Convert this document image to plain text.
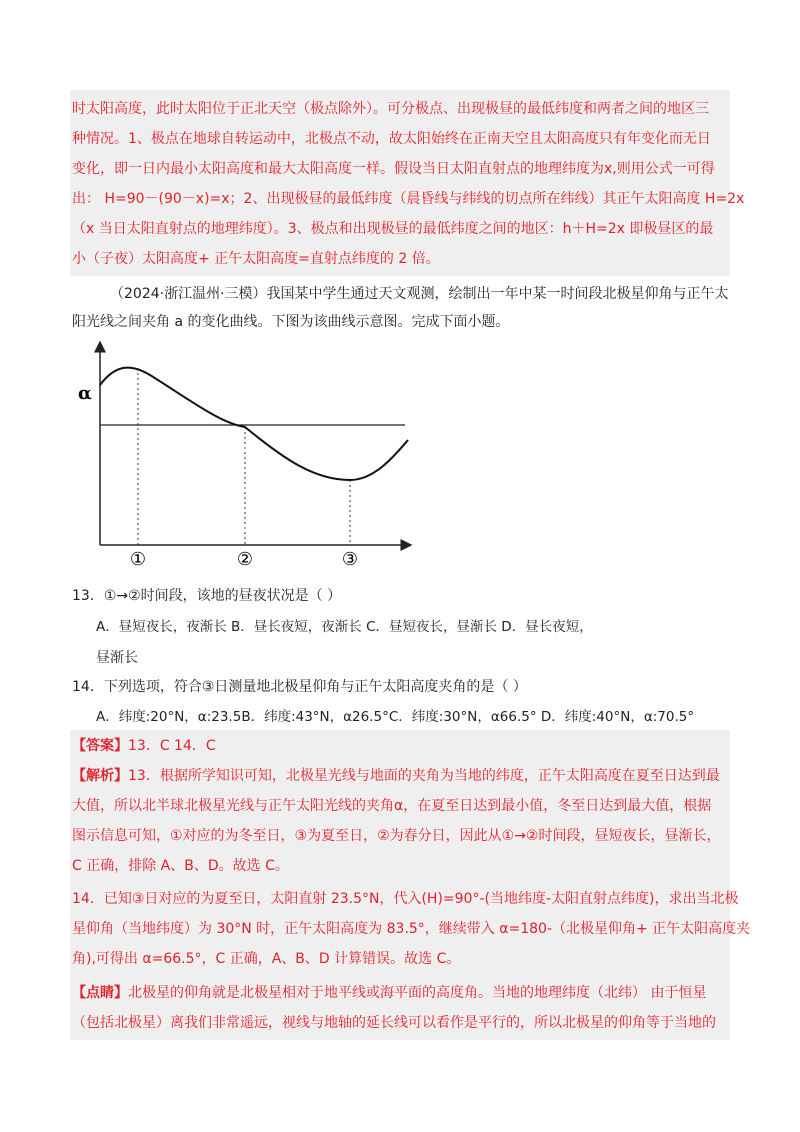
时太阳高度，此时太阳位于正北天空（极点除外）。可分极点、出现极昼的最低纬度和两者之间的地区三
种情况。1、极点在地球自转运动中，北极点不动，故太阳始终在正南天空且太阳高度只有年变化而无日
变化，即一日内最小太阳高度和最大太阳高度一样。假设当日太阳直射点的地理纬度为x,则用公式一可得
出： H=90－(90－x)=x；2、出现极昼的最低纬度（晨昏线与纬线的切点所在纬线）其正午太阳高度 H=2x
（x 当日太阳直射点的地理纬度）。3、极点和出现极昼的最低纬度之间的地区：h＋H=2x 即极昼区的最
小（子夜）太阳高度+ 正午太阳高度=直射点纬度的 2 倍。
（2024·浙江温州·三模）我国某中学生通过天文观测，绘制出一年中某一时间段北极星仰角与正午太
阳光线之间夹角 a 的变化曲线。下图为该曲线示意图。完成下面小题。
α
①	②	③
13．①→②时间段，该地的昼夜状况是（ ）
A．昼短夜长，夜渐长 B．昼长夜短，夜渐长 C．昼短夜长，昼渐长 D．昼长夜短，
昼渐长
14．下列选项，符合③日测量地北极星仰角与正午太阳高度夹角的是（ ）
A．纬度:20°N，α:23.5B．纬度:43°N，α26.5°C．纬度:30°N，α66.5° D．纬度:40°N，α:70.5°
【答案】13．C 14．C
【解析】13．根据所学知识可知，北极星光线与地面的夹角为当地的纬度，正午太阳高度在夏至日达到最
大值，所以北半球北极星光线与正午太阳光线的夹角α，在夏至日达到最小值，冬至日达到最大值，根据
图示信息可知，①对应的为冬至日，③为夏至日，②为春分日，因此从①→②时间段，昼短夜长，昼渐长，
C 正确，排除 A、B、D。故选 C。
14．已知③日对应的为夏至日，太阳直射 23.5°N，代入(H)=90°-(当地纬度-太阳直射点纬度)，求出当北极
星仰角（当地纬度）为 30°N 时，正午太阳高度为 83.5°，继续带入 α=180-（北极星仰角+ 正午太阳高度夹
角),可得出 α=66.5°，C 正确，A、B、D 计算错误。故选 C。
【点睛】北极星的仰角就是北极星相对于地平线或海平面的高度角。当地的地理纬度（北纬） 由于恒星
（包括北极星）离我们非常遥远，视线与地轴的延长线可以看作是平行的，所以北极星的仰角等于当地的
